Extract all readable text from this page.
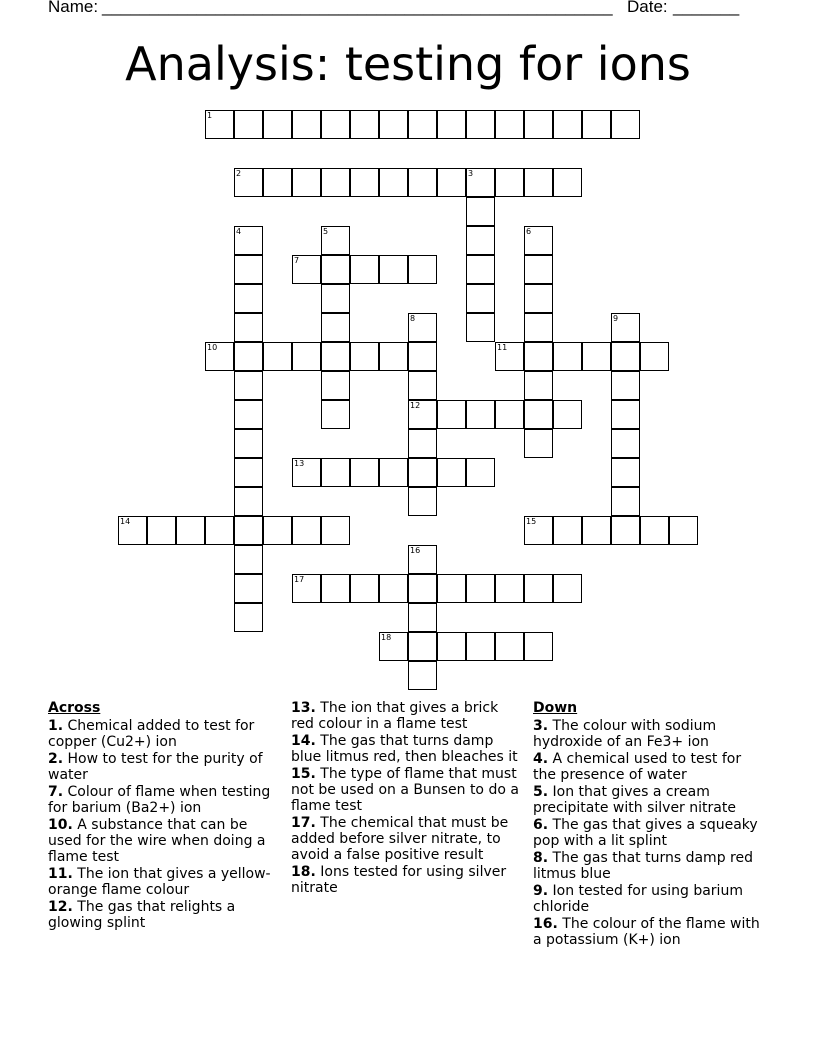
Name: ______________________________________________________ Date: _______
Analysis: testing for ions
1
2	3
4	5	6
7
8
12
9
10	11
13
14	15
16
17
18
Across
1. Chemical added to test for copper (Cu2+) ion
2. How to test for the purity of water
7. Colour of flame when testing for barium (Ba2+) ion
10. A substance that can be used for the wire when doing a flame test
11. The ion that gives a yellow-orange flame colour
12. The gas that relights a glowing splint
13. The ion that gives a brick red colour in a flame test
14. The gas that turns damp blue litmus red, then bleaches it
15. The type of flame that must not be used on a Bunsen to do a flame test
17. The chemical that must be added before silver nitrate, to avoid a false positive result
18. Ions tested for using silver nitrate
Down
3. The colour with sodium hydroxide of an Fe3+ ion
4. A chemical used to test for the presence of water
5. Ion that gives a cream precipitate with silver nitrate
6. The gas that gives a squeaky pop with a lit splint
8. The gas that turns damp red litmus blue
9. Ion tested for using barium chloride
16. The colour of the flame with a potassium (K+) ion
